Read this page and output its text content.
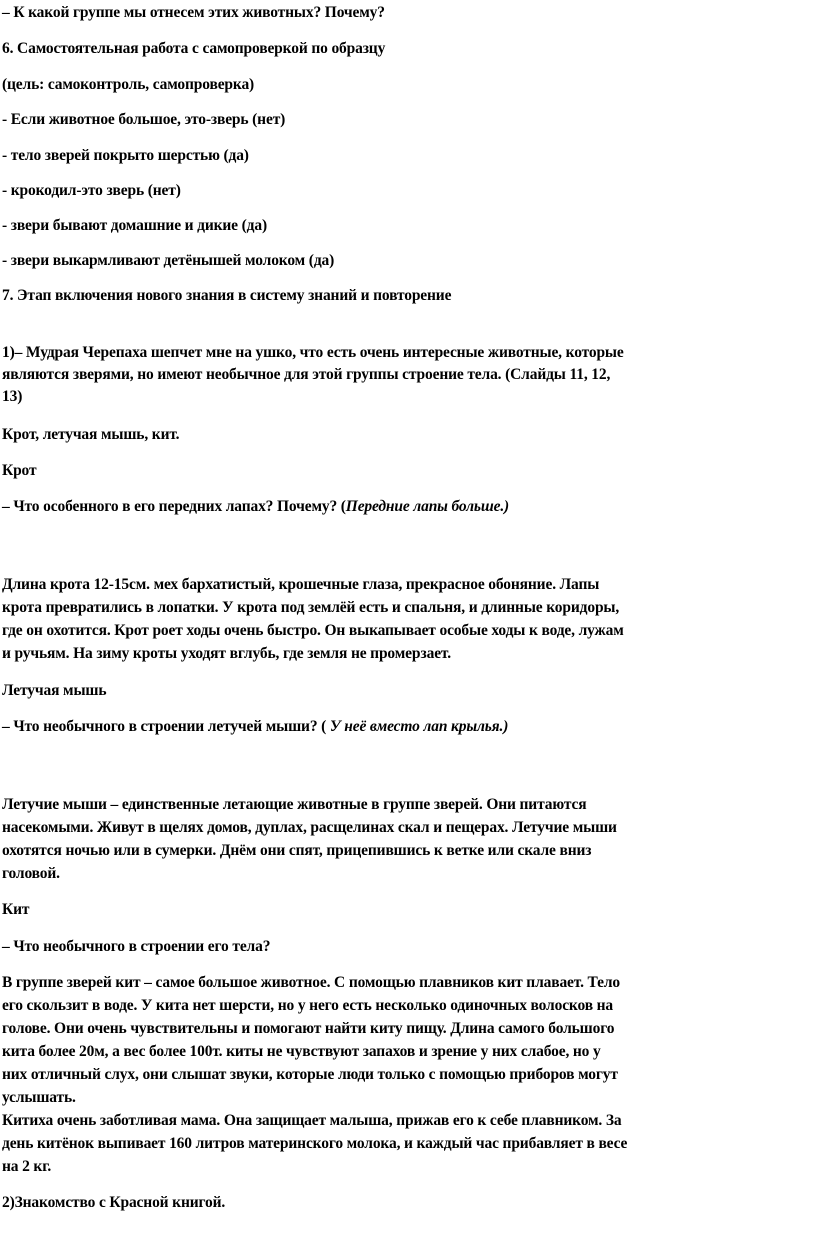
– К какой группе мы отнесем этих животных? Почему?
6. Самостоятельная работа с самопроверкой по образцу
(цель: самоконтроль, самопроверка)
- Если животное большое, это-зверь (нет)
- тело зверей покрыто шерстью (да)
- крокодил-это зверь (нет)
- звери бывают домашние и дикие (да)
- звери выкармливают детёнышей молоком (да)
7. Этап включения нового знания в систему знаний и повторение
1)– Мудрая Черепаха шепчет мне на ушко, что есть очень интересные животные, которые
являются зверями, но имеют необычное для этой группы строение тела. (Слайды 11, 12,
13)
Крот, летучая мышь, кит.
Крот
– Что особенного в его передних лапах? Почему? (Передние лапы больше.)
Длина крота 12-15см. мех бархатистый, крошечные глаза, прекрасное обоняние. Лапы
крота превратились в лопатки. У крота под землёй есть и спальня, и длинные коридоры,
где он охотится. Крот роет ходы очень быстро. Он выкапывает особые ходы к воде, лужам
и ручьям. На зиму кроты уходят вглубь, где земля не промерзает.
Летучая мышь
– Что необычного в строении летучей мыши? ( У неё вместо лап крылья.)
Летучие мыши – единственные летающие животные в группе зверей. Они питаются
насекомыми. Живут в щелях домов, дуплах, расщелинах скал и пещерах. Летучие мыши
охотятся ночью или в сумерки. Днём они спят, прицепившись к ветке или скале вниз
головой.
Кит
– Что необычного в строении его тела?
В группе зверей кит – самое большое животное. С помощью плавников кит плавает. Тело
его скользит в воде. У кита нет шерсти, но у него есть несколько одиночных волосков на
голове. Они очень чувствительны и помогают найти киту пищу. Длина самого большого
кита более 20м, а вес более 100т. киты не чувствуют запахов и зрение у них слабое, но у
них отличный слух, они слышат звуки, которые люди только с помощью приборов могут
услышать.
Китиха очень заботливая мама. Она защищает малыша, прижав его к себе плавником. За
день китёнок выпивает 160 литров материнского молока, и каждый час прибавляет в весе
на 2 кг.
2)Знакомство с Красной книгой.
